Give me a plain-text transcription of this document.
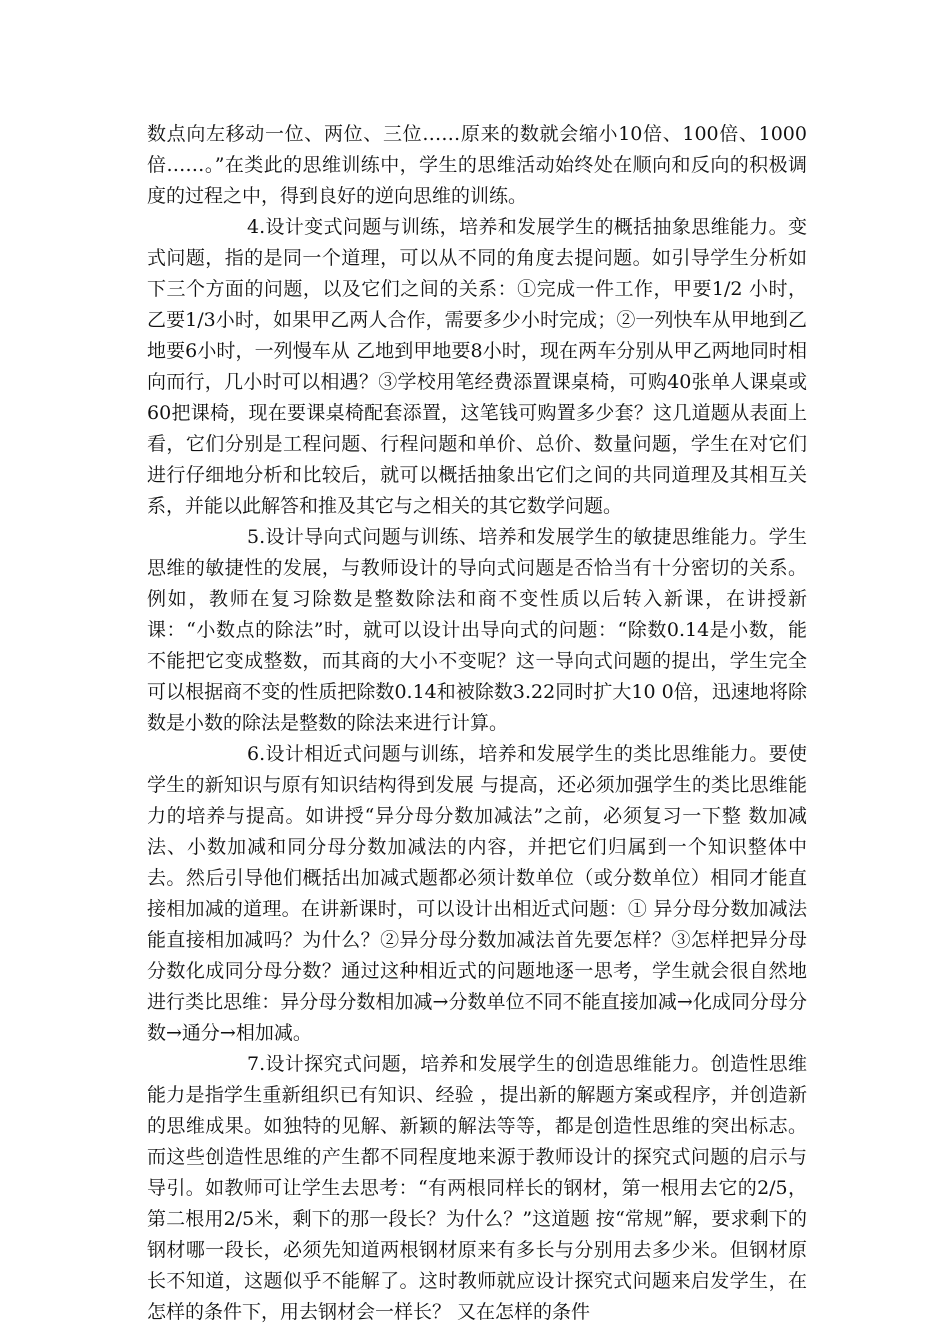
数点向左移动一位、两位、三位……原来的数就会缩小10倍、100倍、1000倍……。”在类此的思维训练中，学生的思维活动始终处在顺向和反向的积极调度的过程之中，得到良好的逆向思维的训练。

4.设计变式问题与训练，培养和发展学生的概括抽象思维能力。变式问题，指的是同一个道理，可以从不同的角度去提问题。如引导学生分析如下三个方面的问题，以及它们之间的关系：①完成一件工作，甲要1/2 小时，乙要1/3小时，如果甲乙两人合作，需要多少小时完成；②一列快车从甲地到乙地要6小时，一列慢车从 乙地到甲地要8小时，现在两车分别从甲乙两地同时相向而行，几小时可以相遇？③学校用笔经费添置课桌椅，可购40张单人课桌或60把课椅，现在要课桌椅配套添置，这笔钱可购置多少套？这几道题从表面上看，它们分别是工程问题、行程问题和单价、总价、数量问题，学生在对它们进行仔细地分析和比较后，就可以概括抽象出它们之间的共同道理及其相互关系，并能以此解答和推及其它与之相关的其它数学问题。

5.设计导向式问题与训练、培养和发展学生的敏捷思维能力。学生思维的敏捷性的发展，与教师设计的导向式问题是否恰当有十分密切的关系。例如，教师在复习除数是整数除法和商不变性质以后转入新课，在讲授新课：“小数点的除法”时，就可以设计出导向式的问题：“除数0.14是小数，能不能把它变成整数，而其商的大小不变呢？这一导向式问题的提出，学生完全可以根据商不变的性质把除数0.14和被除数3.22同时扩大10 0倍，迅速地将除数是小数的除法是整数的除法来进行计算。

6.设计相近式问题与训练，培养和发展学生的类比思维能力。要使学生的新知识与原有知识结构得到发展 与提高，还必须加强学生的类比思维能力的培养与提高。如讲授“异分母分数加减法”之前，必须复习一下整 数加减法、小数加减和同分母分数加减法的内容，并把它们归属到一个知识整体中去。然后引导他们概括出加减式题都必须计数单位（或分数单位）相同才能直接相加减的道理。在讲新课时，可以设计出相近式问题：① 异分母分数加减法能直接相加减吗？为什么？②异分母分数加减法首先要怎样？③怎样把异分母分数化成同分母分数？通过这种相近式的问题地逐一思考，学生就会很自然地进行类比思维：异分母分数相加减→分数单位不同不能直接加减→化成同分母分数→通分→相加减。

7.设计探究式问题，培养和发展学生的创造思维能力。创造性思维能力是指学生重新组织已有知识、经验 ，提出新的解题方案或程序，并创造新的思维成果。如独特的见解、新颖的解法等等，都是创造性思维的突出标志。而这些创造性思维的产生都不同程度地来源于教师设计的探究式问题的启示与导引。如教师可让学生去思考：“有两根同样长的钢材，第一根用去它的2/5，第二根用2/5米，剩下的那一段长？为什么？”这道题 按“常规”解，要求剩下的钢材哪一段长，必须先知道两根钢材原来有多长与分别用去多少米。但钢材原长不知道，这题似乎不能解了。这时教师就应设计探究式问题来启发学生，在怎样的条件下，用去钢材会一样长？ 又在怎样的条件
